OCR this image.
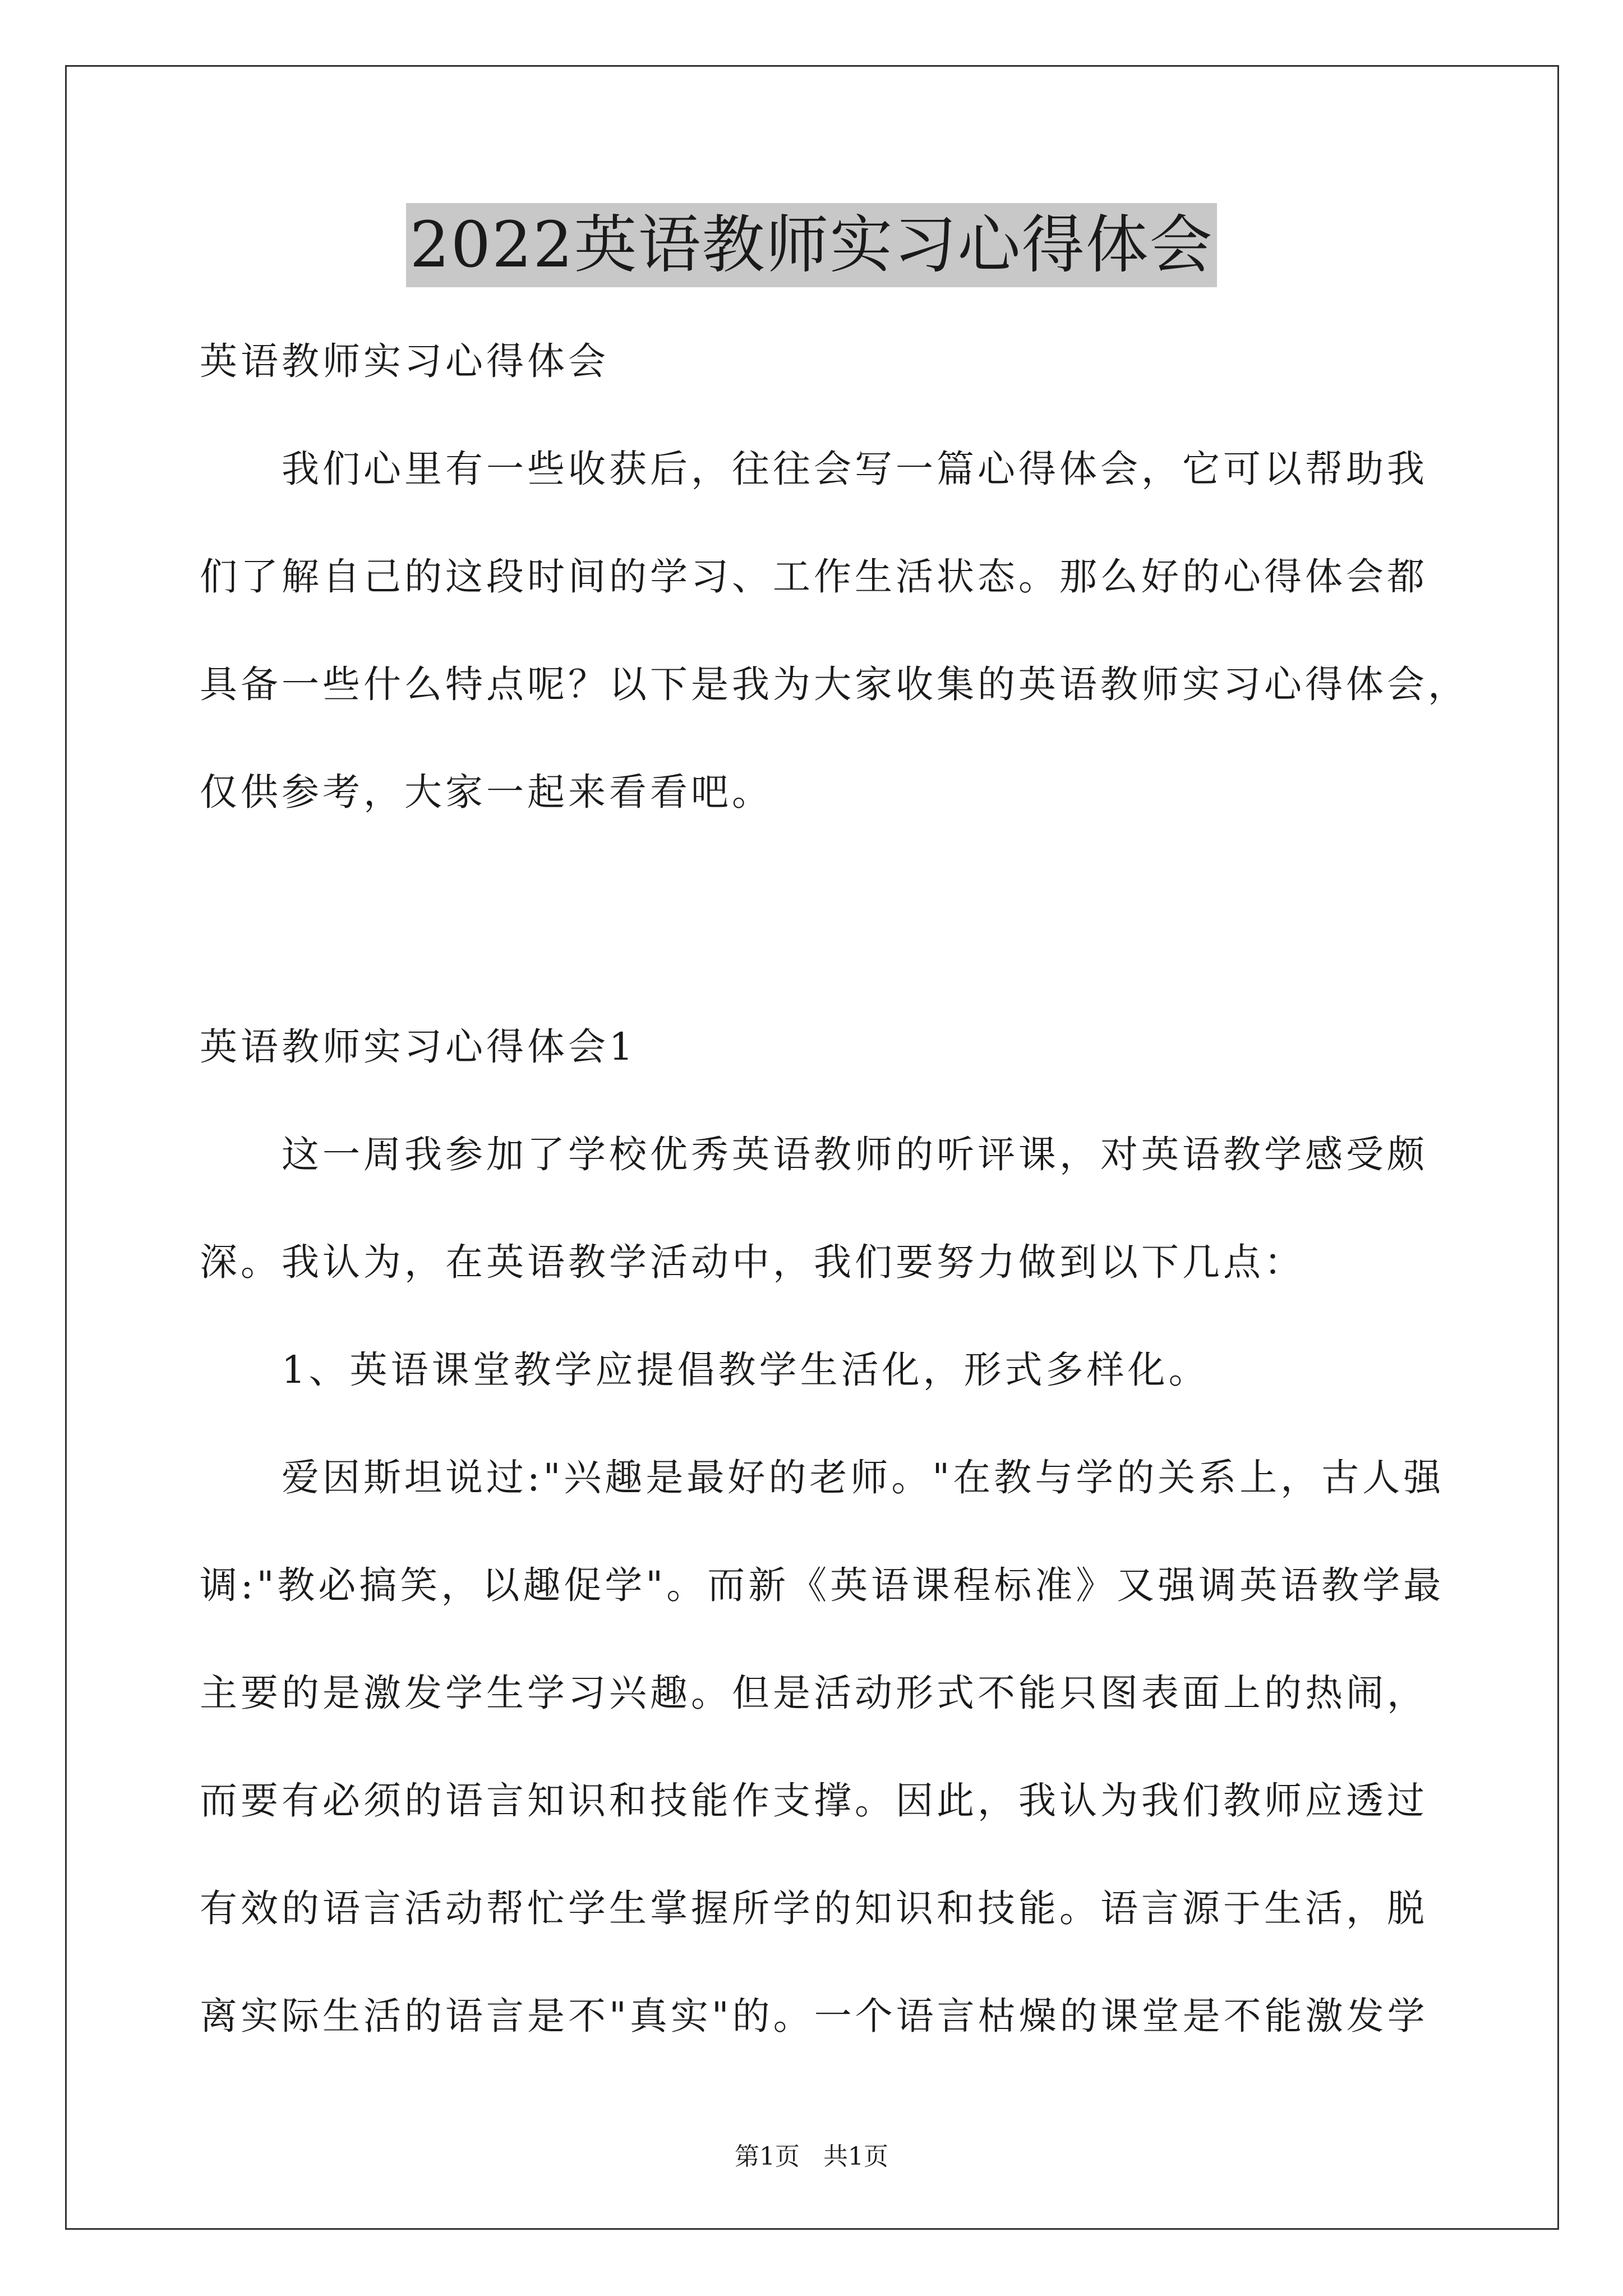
2022英语教师实习心得体会
英语教师实习心得体会
我们心里有一些收获后，往往会写一篇心得体会，它可以帮助我
们了解自己的这段时间的学习、工作生活状态。那么好的心得体会都
具备一些什么特点呢？以下是我为大家收集的英语教师实习心得体会，
仅供参考，大家一起来看看吧。
英语教师实习心得体会1
这一周我参加了学校优秀英语教师的听评课，对英语教学感受颇
深。我认为，在英语教学活动中，我们要努力做到以下几点：
1、英语课堂教学应提倡教学生活化，形式多样化。
爱因斯坦说过:"兴趣是最好的老师。"在教与学的关系上，古人强
调:"教必搞笑，以趣促学"。而新《英语课程标准》又强调英语教学最
主要的是激发学生学习兴趣。但是活动形式不能只图表面上的热闹，
而要有必须的语言知识和技能作支撑。因此，我认为我们教师应透过
有效的语言活动帮忙学生掌握所学的知识和技能。语言源于生活，脱
离实际生活的语言是不"真实"的。一个语言枯燥的课堂是不能激发学
第1页   共1页
